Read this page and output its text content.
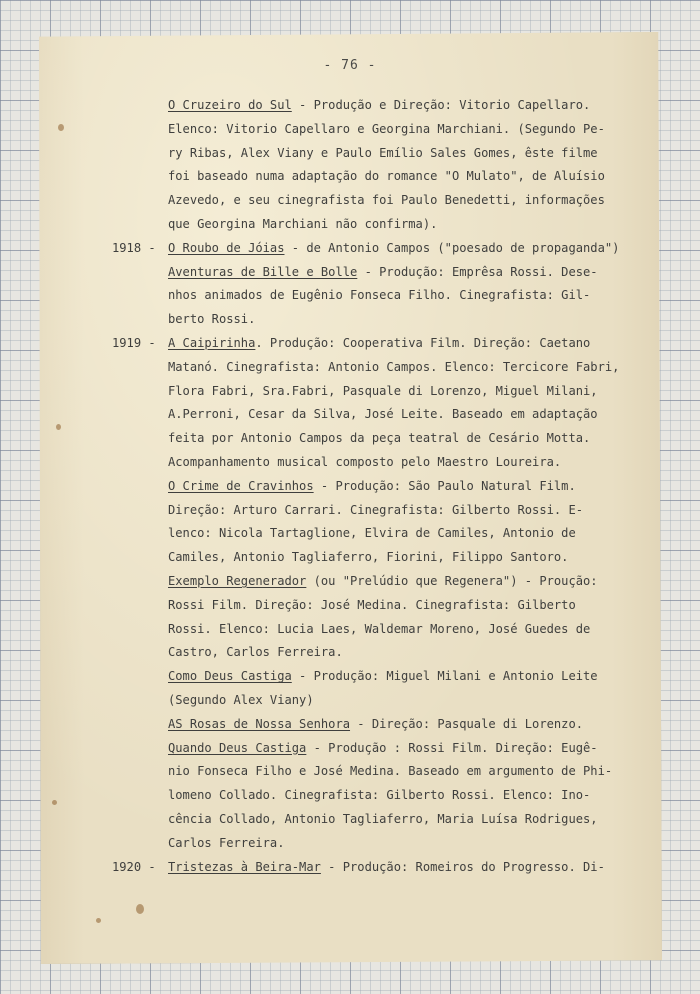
- 76 -
O Cruzeiro do Sul - Produção e Direção: Vitorio Capellaro.
Elenco: Vitorio Capellaro e Georgina Marchiani. (Segundo Pe-
ry Ribas, Alex Viany e Paulo Emílio Sales Gomes, êste filme
foi baseado numa adaptação do romance "O Mulato", de Aluísio
Azevedo, e seu cinegrafista foi Paulo Benedetti, informações
que Georgina Marchiani não confirma).
1918 - O Roubo de Jóias - de Antonio Campos ("poesado de propaganda")
Aventuras de Bille e Bolle - Produção: Emprêsa Rossi. Dese-
nhos animados de Eugênio Fonseca Filho. Cinegrafista: Gil-
berto Rossi.
1919 - A Caipirinha. Produção: Cooperativa Film. Direção: Caetano
Matanó. Cinegrafista: Antonio Campos. Elenco: Tercicore Fabri,
Flora Fabri, Sra.Fabri, Pasquale di Lorenzo, Miguel Milani,
A.Perroni, Cesar da Silva, José Leite. Baseado em adaptação
feita por Antonio Campos da peça teatral de Cesário Motta.
Acompanhamento musical composto pelo Maestro Loureira.
O Crime de Cravinhos - Produção: São Paulo Natural Film.
Direção: Arturo Carrari. Cinegrafista: Gilberto Rossi. E-
lenco: Nicola Tartaglione, Elvira de Camiles, Antonio de
Camiles, Antonio Tagliaferro, Fiorini, Filippo Santoro.
Exemplo Regenerador (ou "Prelúdio que Regenera") - Proução:
Rossi Film. Direção: José Medina. Cinegrafista: Gilberto
Rossi. Elenco: Lucia Laes, Waldemar Moreno, José Guedes de
Castro, Carlos Ferreira.
Como Deus Castiga - Produção: Miguel Milani e Antonio Leite
(Segundo Alex Viany)
AS Rosas de Nossa Senhora - Direção: Pasquale di Lorenzo.
Quando Deus Castiga - Produção : Rossi Film. Direção: Eugê-
nio Fonseca Filho e José Medina. Baseado em argumento de Phi-
lomeno Collado. Cinegrafista: Gilberto Rossi. Elenco: Ino-
cência Collado, Antonio Tagliaferro, Maria Luísa Rodrigues,
Carlos Ferreira.
1920 - Tristezas à Beira-Mar - Produção: Romeiros do Progresso. Di-
